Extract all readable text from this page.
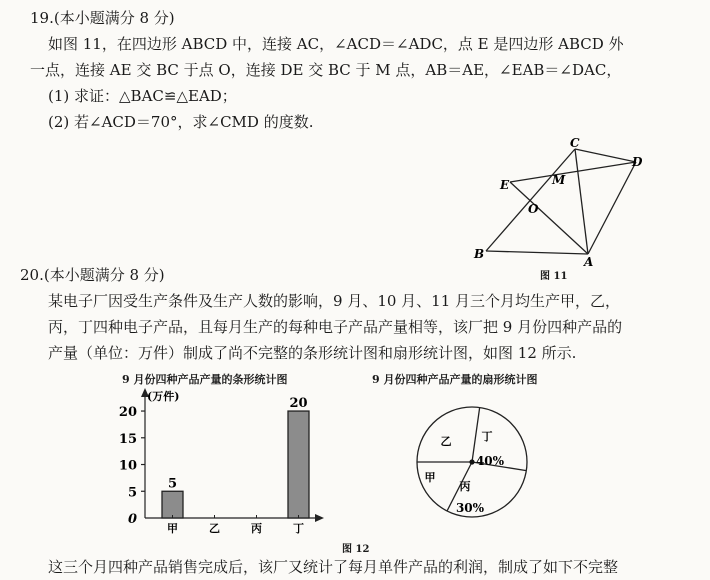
19.(本小题满分 8 分)
如图 11，在四边形 ABCD 中，连接 AC，∠ACD＝∠ADC，点 E 是四边形 ABCD 外
一点，连接 AE 交 BC 于点 O，连接 DE 交 BC 于 M 点，AB＝AE，∠EAB＝∠DAC，
(1) 求证：△BAC≌△EAD；
(2) 若∠ACD＝70°，求∠CMD 的度数.
C
D
E	M
O
B
A
图 11
20.(本小题满分 8 分)
某电子厂因受生产条件及生产人数的影响，9 月、10 月、11 月三个月均生产甲，乙，
丙，丁四种电子产品，且每月生产的每种电子产品产量相等，该厂把 9 月份四种产品的
产量（单位：万件）制成了尚不完整的条形统计图和扇形统计图，如图 12 所示.
9 月份四种产品产量的条形统计图	9 月份四种产品产量的扇形统计图
(万件)
0
5
10
15
20
5
甲	乙	丙
20
丁
乙	丁
40%
丙
30%
甲
图 12
这三个月四种产品销售完成后，该厂又统计了每月单件产品的利润，制成了如下不完整
